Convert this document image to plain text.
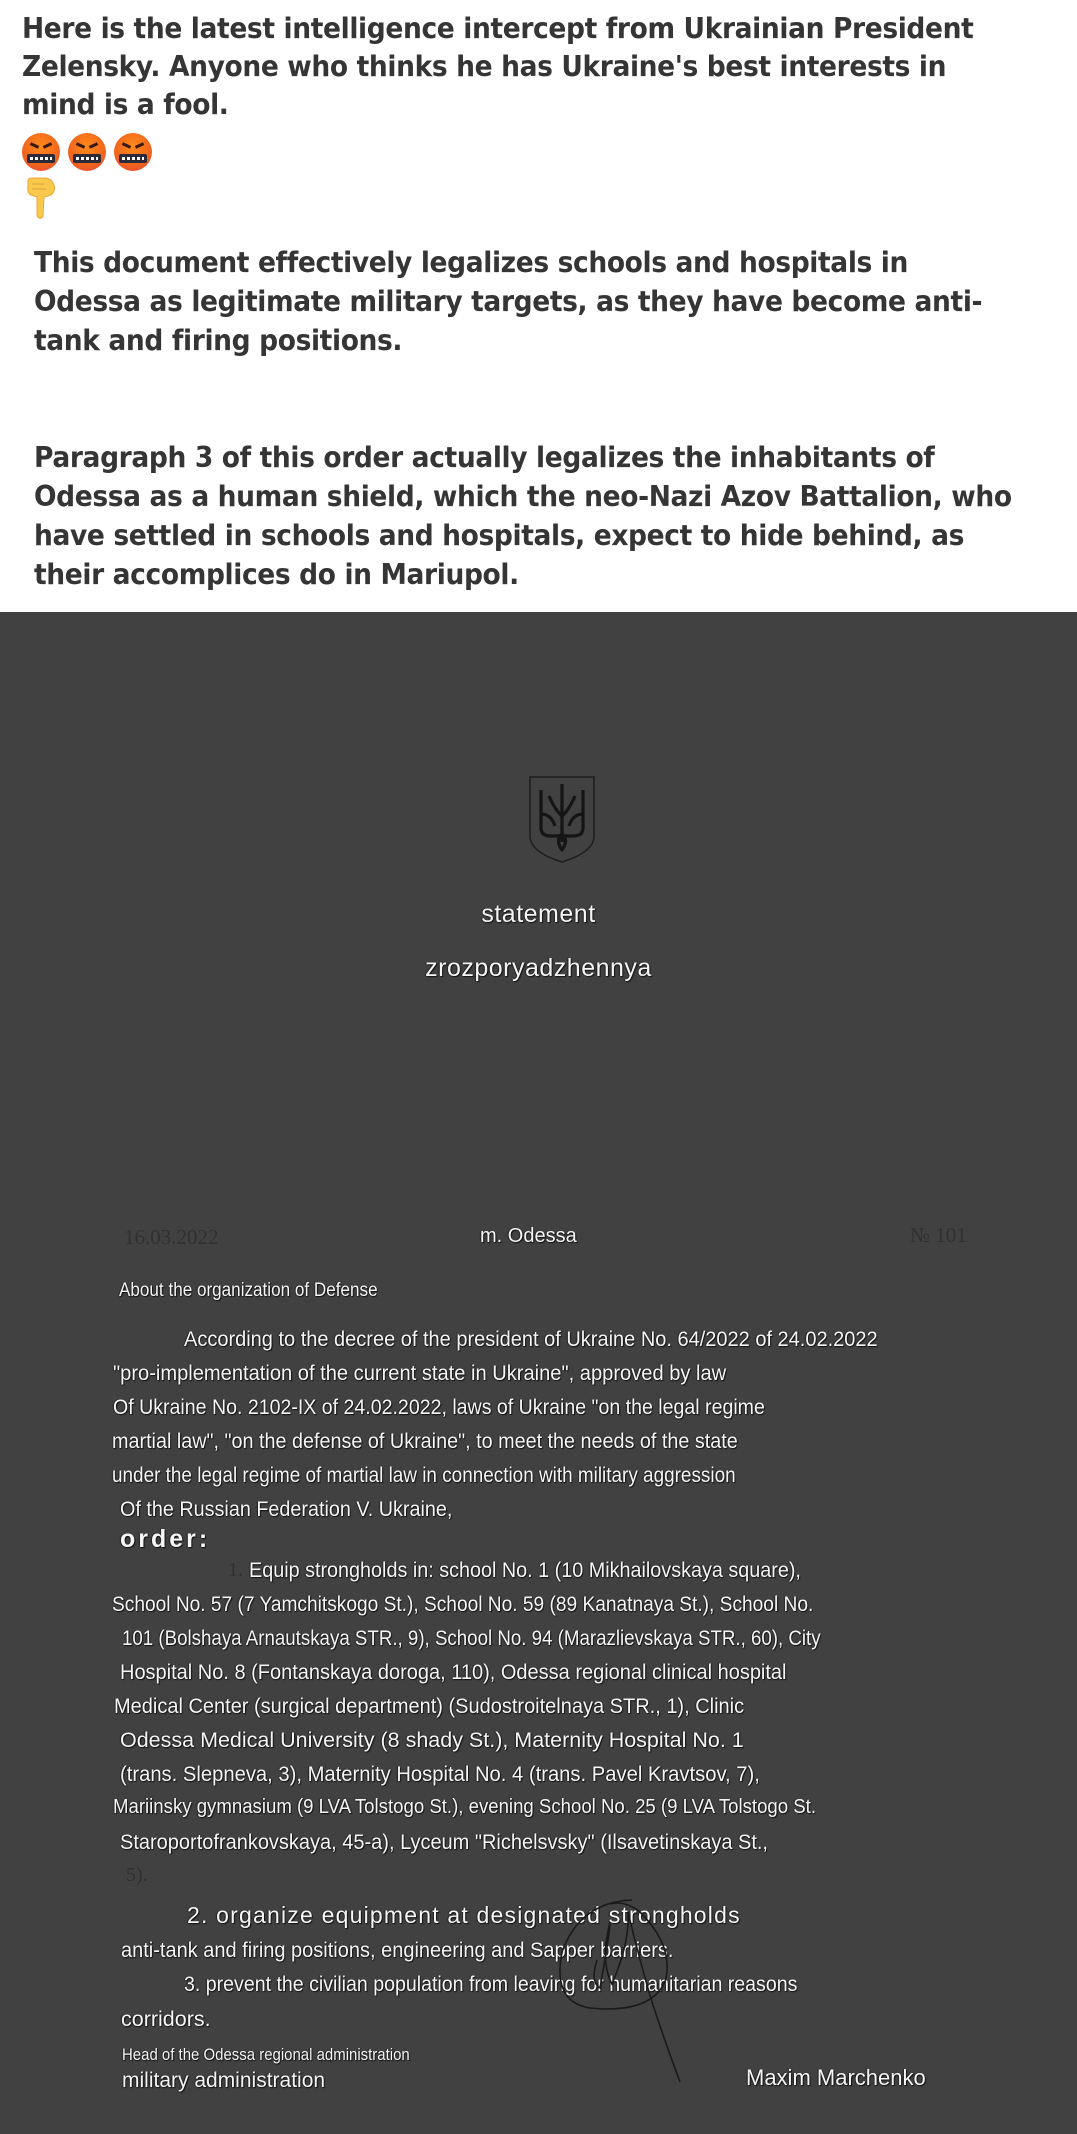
Here is the latest intelligence intercept from Ukrainian President Zelensky. Anyone who thinks he has Ukraine's best interests in mind is a fool.

This document effectively legalizes schools and hospitals in Odessa as legitimate military targets, as they have become anti-tank and firing positions.

Paragraph 3 of this order actually legalizes the inhabitants of Odessa as a human shield, which the neo-Nazi Azov Battalion, who have settled in schools and hospitals, expect to hide behind, as their accomplices do in Mariupol.

statement
zrozporyadzhennya
16.03.2022	m. Odessa	№ 101
About the organization of Defense
According to the decree of the president of Ukraine No. 64/2022 of 24.02.2022
"pro-implementation of the current state in Ukraine", approved by law
Of Ukraine No. 2102-IX of 24.02.2022, laws of Ukraine "on the legal regime
martial law", "on the defense of Ukraine", to meet the needs of the state
under the legal regime of martial law in connection with military aggression
Of the Russian Federation V. Ukraine,
order:
1. Equip strongholds in: school No. 1 (10 Mikhailovskaya square),
School No. 57 (7 Yamchitskogo St.), School No. 59 (89 Kanatnaya St.), School No.
101 (Bolshaya Arnautskaya STR., 9), School No. 94 (Marazlievskaya STR., 60), City
Hospital No. 8 (Fontanskaya doroga, 110), Odessa regional clinical hospital
Medical Center (surgical department) (Sudostroitelnaya STR., 1), Clinic
Odessa Medical University (8 shady St.), Maternity Hospital No. 1
(trans. Slepneva, 3), Maternity Hospital No. 4 (trans. Pavel Kravtsov, 7),
Mariinsky gymnasium (9 LVA Tolstogo St.), evening School No. 25 (9 LVA Tolstogo St.
Staroportofrankovskaya, 45-a), Lyceum "Richelsvsky" (Ilsavetinskaya St.,
5).
2. organize equipment at designated strongholds
anti-tank and firing positions, engineering and Sapper barriers.
3. prevent the civilian population from leaving for humanitarian reasons
corridors.
Head of the Odessa regional administration
military administration	Maxim Marchenko
